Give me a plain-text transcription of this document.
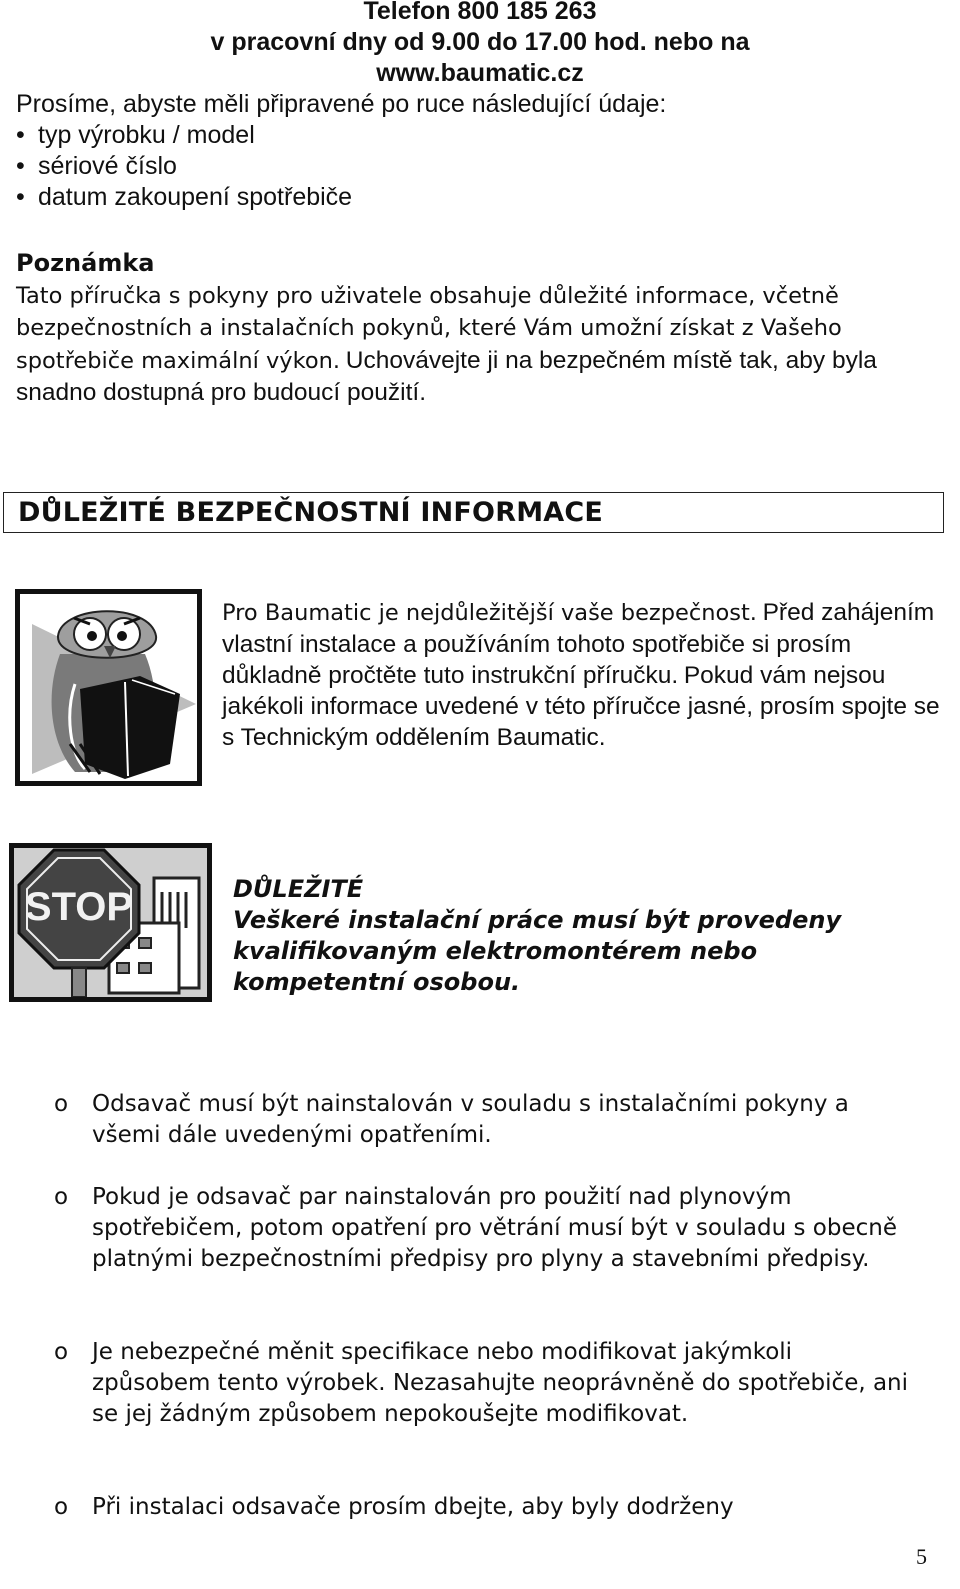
Telefon 800 185 263
v pracovní dny od 9.00 do 17.00 hod. nebo na
www.baumatic.cz
Prosíme, abyste měli připravené po ruce následující údaje:
• typ výrobku / model
• sériové číslo
• datum zakoupení spotřebiče
Poznámka
Tato příručka s pokyny pro uživatele obsahuje důležité informace, včetně bezpečnostních a instalačních pokynů, které Vám umožní získat z Vašeho spotřebiče maximální výkon. Uchovávejte ji na bezpečném místě tak, aby byla snadno dostupná pro budoucí použití.
DŮLEŽITÉ BEZPEČNOSTNÍ INFORMACE
Pro Baumatic je nejdůležitější vaše bezpečnost. Před zahájením vlastní instalace a používáním tohoto spotřebiče si prosím důkladně pročtěte tuto instrukční příručku. Pokud vám nejsou jakékoli informace uvedené v této příručce jasné, prosím spojte se s Technickým oddělením Baumatic.
STOP	DŮLEŽITÉ
Veškeré instalační práce musí být provedeny kvalifikovaným elektromontérem nebo kompetentní osobou.
o Odsavač musí být nainstalován v souladu s instalačními pokyny a všemi dále uvedenými opatřeními.
o Pokud je odsavač par nainstalován pro použití nad plynovým spotřebičem, potom opatření pro větrání musí být v souladu s obecně platnými bezpečnostními předpisy pro plyny a stavebními předpisy.
o Je nebezpečné měnit specifikace nebo modifikovat jakýmkoli způsobem tento výrobek. Nezasahujte neoprávněně do spotřebiče, ani se jej žádným způsobem nepokoušejte modifikovat.
o Při instalaci odsavače prosím dbejte, aby byly dodrženy
5
